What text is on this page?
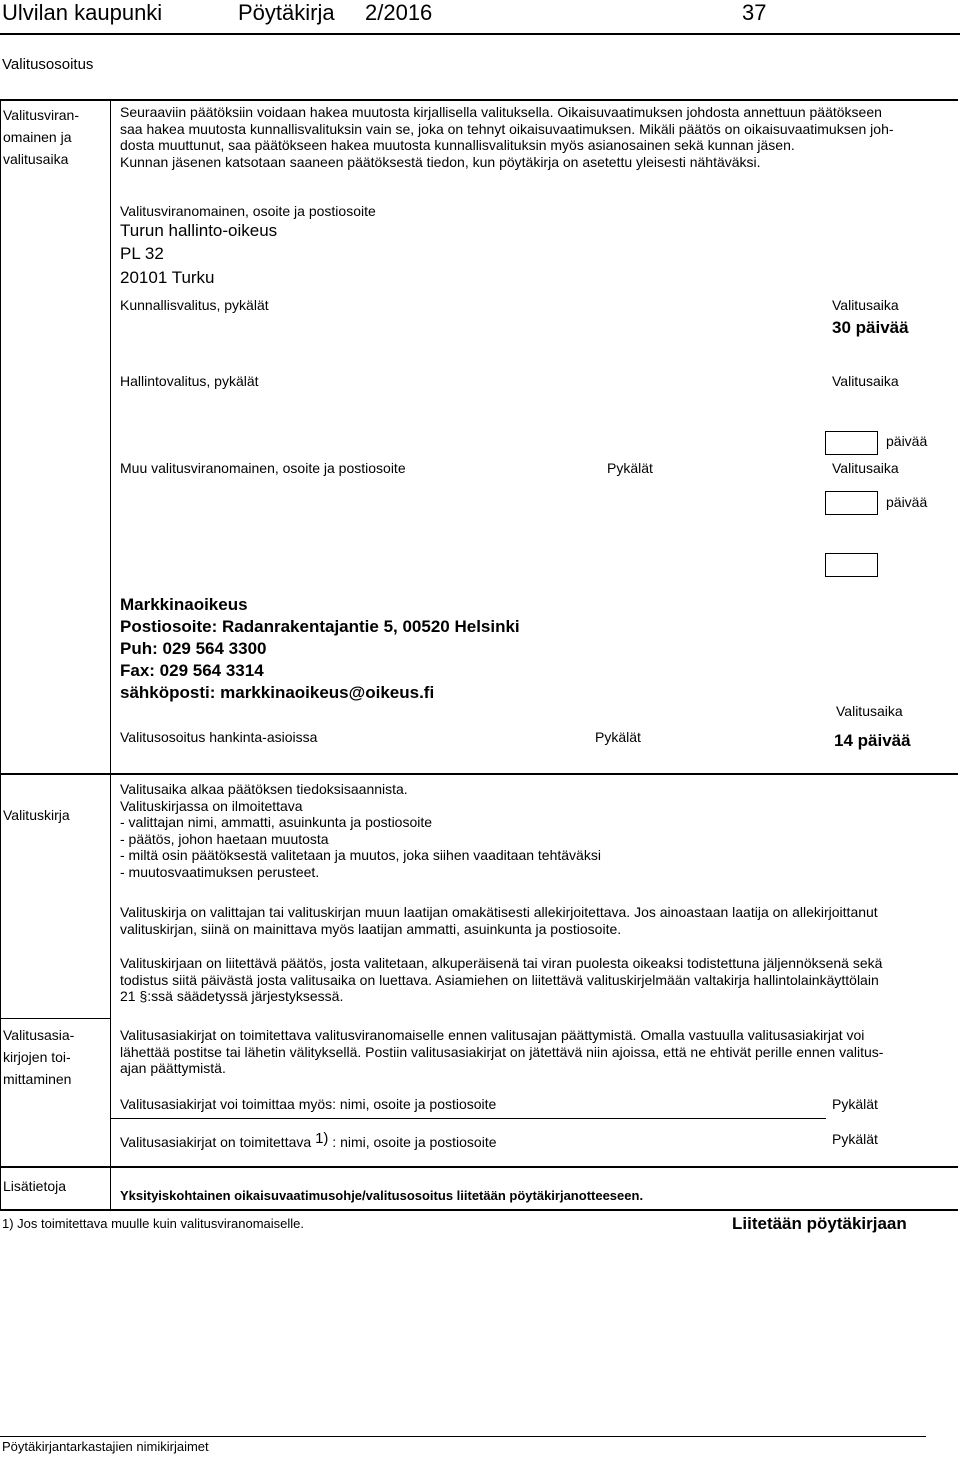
Ulvilan kaupunki	Pöytäkirja 2/2016	37
Valitusosoitus
Valitusviran-
omainen ja
valitusaika
Seuraaviin päätöksiin voidaan hakea muutosta kirjallisella valituksella. Oikaisuvaatimuksen johdosta annettuun päätökseen
saa hakea muutosta kunnallisvalituksin vain se, joka on tehnyt oikaisuvaatimuksen. Mikäli päätös on oikaisuvaatimuksen joh-
dosta muuttunut, saa päätökseen hakea muutosta kunnallisvalituksin myös asianosainen sekä kunnan jäsen.
Kunnan jäsenen katsotaan saaneen päätöksestä tiedon, kun pöytäkirja on asetettu yleisesti nähtäväksi.
Valitusviranomainen, osoite ja postiosoite
Turun hallinto-oikeus
PL 32
20101 Turku
Kunnallisvalitus, pykälät	Valitusaika
30 päivää
Hallintovalitus, pykälät	Valitusaika
päivää
Muu valitusviranomainen, osoite ja postiosoite	Pykälät	Valitusaika
päivää
Markkinaoikeus
Postiosoite: Radanrakentajantie 5, 00520 Helsinki
Puh: 029 564 3300
Fax: 029 564 3314
sähköposti: markkinaoikeus@oikeus.fi
Valitusaika
Valitusosoitus hankinta-asioissa	Pykälät	14 päivää
Valituskirja
Valitusaika alkaa päätöksen tiedoksisaannista.
Valituskirjassa on ilmoitettava
- valittajan nimi, ammatti, asuinkunta ja postiosoite
- päätös, johon haetaan muutosta
- miltä osin päätöksestä valitetaan ja muutos, joka siihen vaaditaan tehtäväksi
- muutosvaatimuksen perusteet.
Valituskirja on valittajan tai valituskirjan muun laatijan omakätisesti allekirjoitettava. Jos ainoastaan laatija on allekirjoittanut
valituskirjan, siinä on mainittava myös laatijan ammatti, asuinkunta ja postiosoite.
Valituskirjaan on liitettävä päätös, josta valitetaan, alkuperäisenä tai viran puolesta oikeaksi todistettuna jäljennöksenä sekä
todistus siitä päivästä josta valitusaika on luettava. Asiamiehen on liitettävä valituskirjelmään valtakirja hallintolainkäyttölain
21 §:ssä säädetyssä järjestyksessä.
Valitusasia-
kirjojen toi-
mittaminen
Valitusasiakirjat on toimitettava valitusviranomaiselle ennen valitusajan päättymistä. Omalla vastuulla valitusasiakirjat voi
lähettää postitse tai lähetin välityksellä. Postiin valitusasiakirjat on jätettävä niin ajoissa, että ne ehtivät perille ennen valitus-
ajan päättymistä.
Valitusasiakirjat voi toimittaa myös: nimi, osoite ja postiosoite	Pykälät
Valitusasiakirjat on toimitettava 1) : nimi, osoite ja postiosoite	Pykälät
Lisätietoja
Yksityiskohtainen oikaisuvaatimusohje/valitusosoitus liitetään pöytäkirjanotteeseen.
1) Jos toimitettava muulle kuin valitusviranomaiselle.	Liitetään pöytäkirjaan
Pöytäkirjantarkastajien nimikirjaimet
